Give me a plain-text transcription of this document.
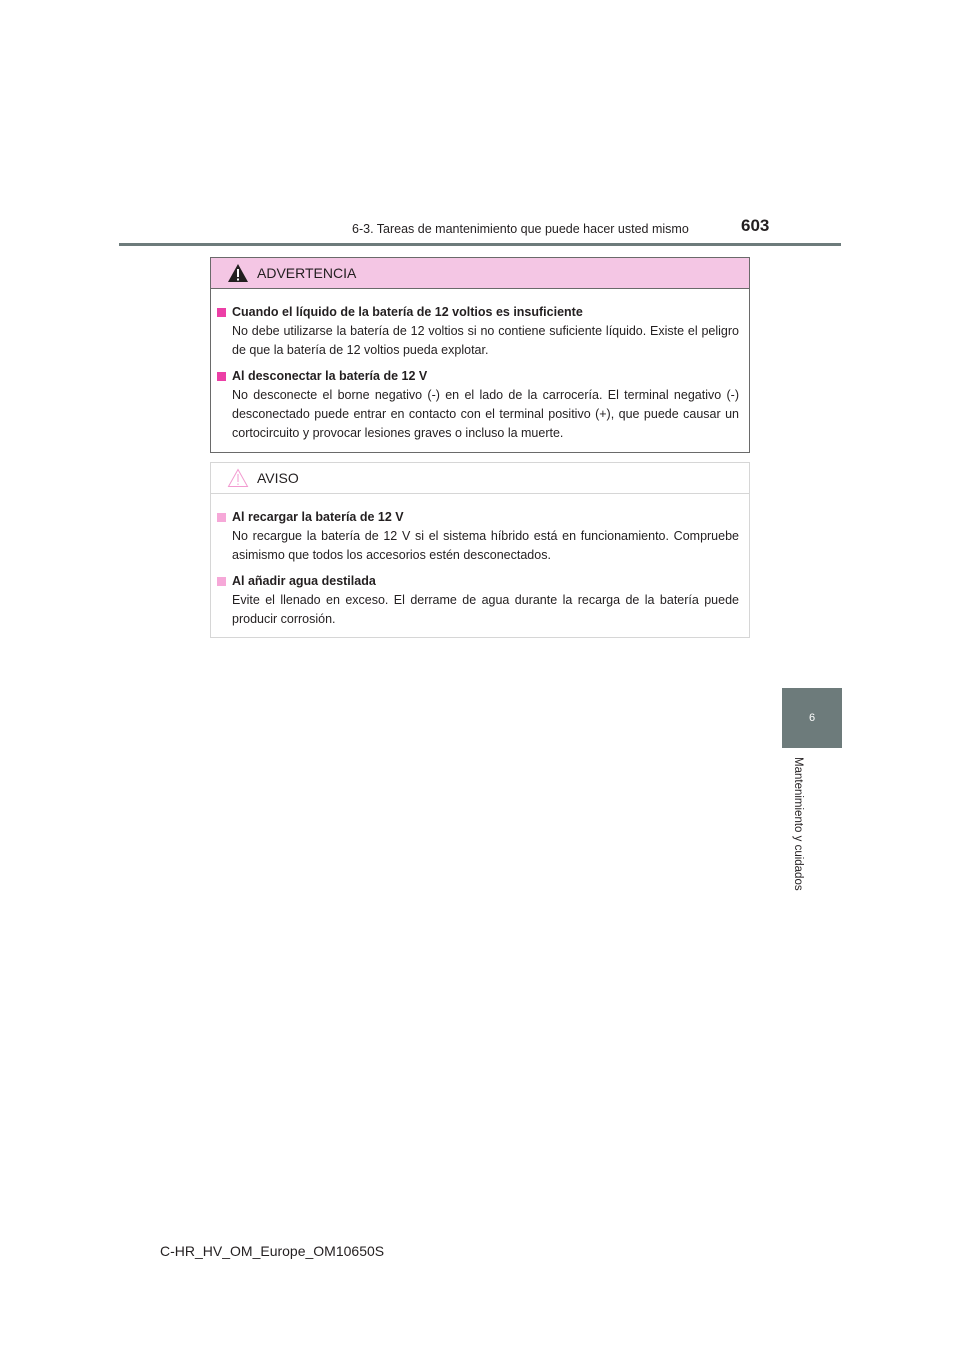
6-3. Tareas de mantenimiento que puede hacer usted mismo	603
6
Mantenimiento y cuidados
ADVERTENCIA
Cuando el líquido de la batería de 12 voltios es insuficiente

No debe utilizarse la batería de 12 voltios si no contiene suficiente líquido. Existe el peligro de que la batería de 12 voltios pueda explotar.

Al desconectar la batería de 12 V

No desconecte el borne negativo (-) en el lado de la carrocería. El terminal negativo (-) desconectado puede entrar en contacto con el terminal positivo (+), que puede causar un cortocircuito y provocar lesiones graves o incluso la muerte.

AVISO
Al recargar la batería de 12 V

No recargue la batería de 12 V si el sistema híbrido está en funcionamiento. Compruebe asimismo que todos los accesorios estén desconectados.

Al añadir agua destilada

Evite el llenado en exceso. El derrame de agua durante la recarga de la batería puede producir corrosión.

C-HR_HV_OM_Europe_OM10650S
